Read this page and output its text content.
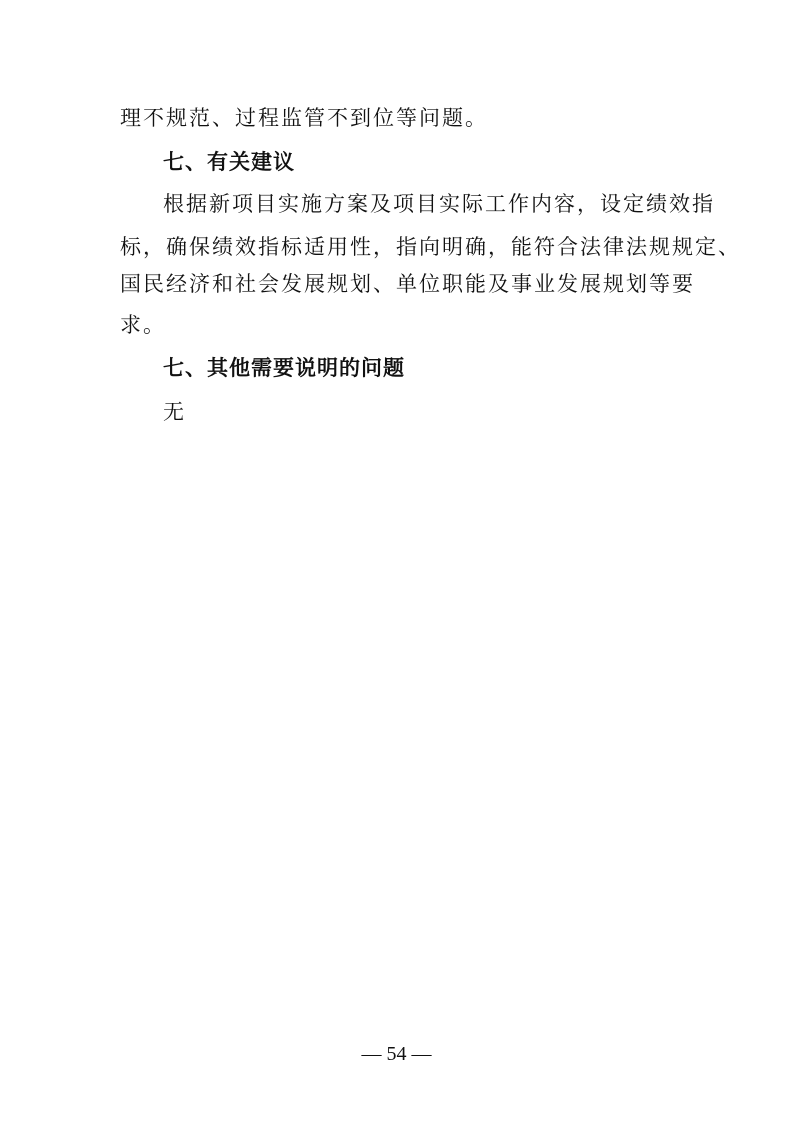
理不规范、过程监管不到位等问题。
七、有关建议
根据新项目实施方案及项目实际工作内容，设定绩效指
标，确保绩效指标适用性，指向明确，能符合法律法规规定、
国民经济和社会发展规划、单位职能及事业发展规划等要
求。
七、其他需要说明的问题
无
— 54 —
